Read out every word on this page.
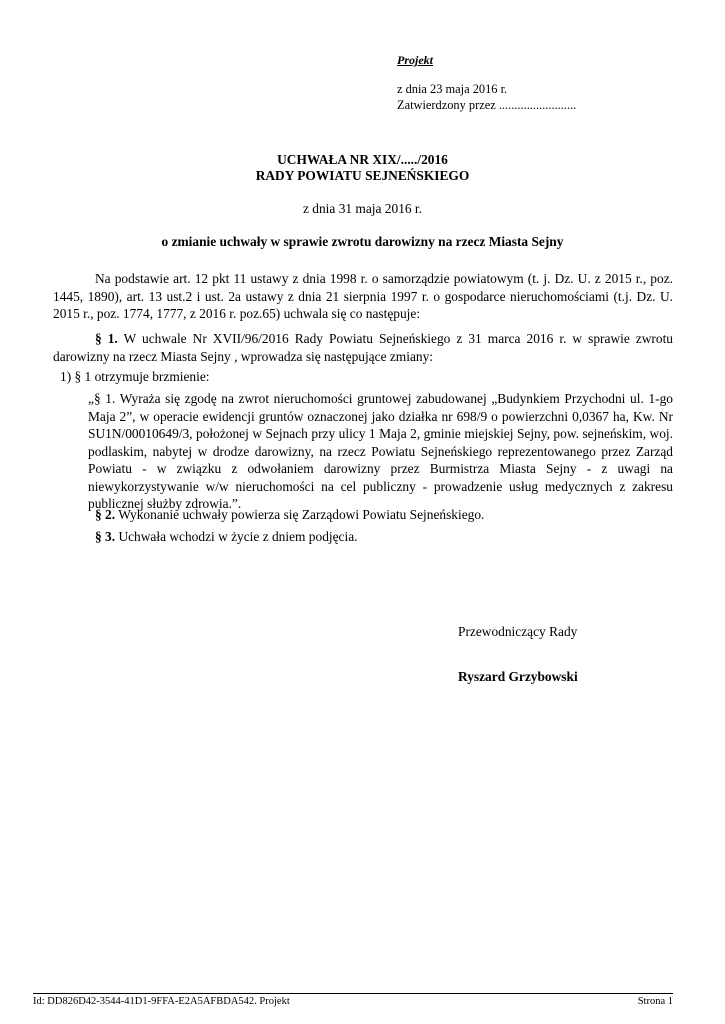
Projekt
z dnia 23 maja 2016 r.
Zatwierdzony przez .........................
UCHWAŁA NR XIX/...../2016
RADY POWIATU SEJNEŃSKIEGO
z dnia 31 maja 2016 r.
o zmianie uchwały w sprawie zwrotu darowizny na rzecz Miasta Sejny
Na podstawie art. 12 pkt 11 ustawy z dnia 1998 r. o samorządzie powiatowym (t. j. Dz. U. z 2015 r., poz. 1445, 1890), art. 13 ust.2 i ust. 2a ustawy z dnia 21 sierpnia 1997 r. o gospodarce nieruchomościami (t.j. Dz. U. 2015 r., poz. 1774, 1777, z 2016 r. poz.65) uchwala się co następuje:
§ 1. W uchwale Nr XVII/96/2016 Rady Powiatu Sejneńskiego z 31 marca 2016 r. w sprawie zwrotu darowizny na rzecz Miasta Sejny , wprowadza się następujące zmiany:
1) § 1 otrzymuje brzmienie:
„§ 1. Wyraża się zgodę na zwrot nieruchomości gruntowej zabudowanej „Budynkiem Przychodni ul. 1-go Maja 2”, w operacie ewidencji gruntów oznaczonej jako działka nr 698/9 o powierzchni 0,0367 ha, Kw. Nr SU1N/00010649/3, położonej w Sejnach przy ulicy 1 Maja 2, gminie miejskiej Sejny, pow. sejneńskim, woj. podlaskim, nabytej w drodze darowizny, na rzecz Powiatu Sejneńskiego reprezentowanego przez Zarząd Powiatu - w związku z odwołaniem darowizny przez Burmistrza Miasta Sejny - z uwagi na niewykorzystywanie w/w nieruchomości na cel publiczny - prowadzenie usług medycznych z zakresu publicznej służby zdrowia.”.
§ 2. Wykonanie uchwały powierza się Zarządowi Powiatu Sejneńskiego.
§ 3. Uchwała wchodzi w życie z dniem podjęcia.
Przewodniczący Rady
Ryszard Grzybowski
Id: DD826D42-3544-41D1-9FFA-E2A5AFBDA542. Projekt	Strona 1
